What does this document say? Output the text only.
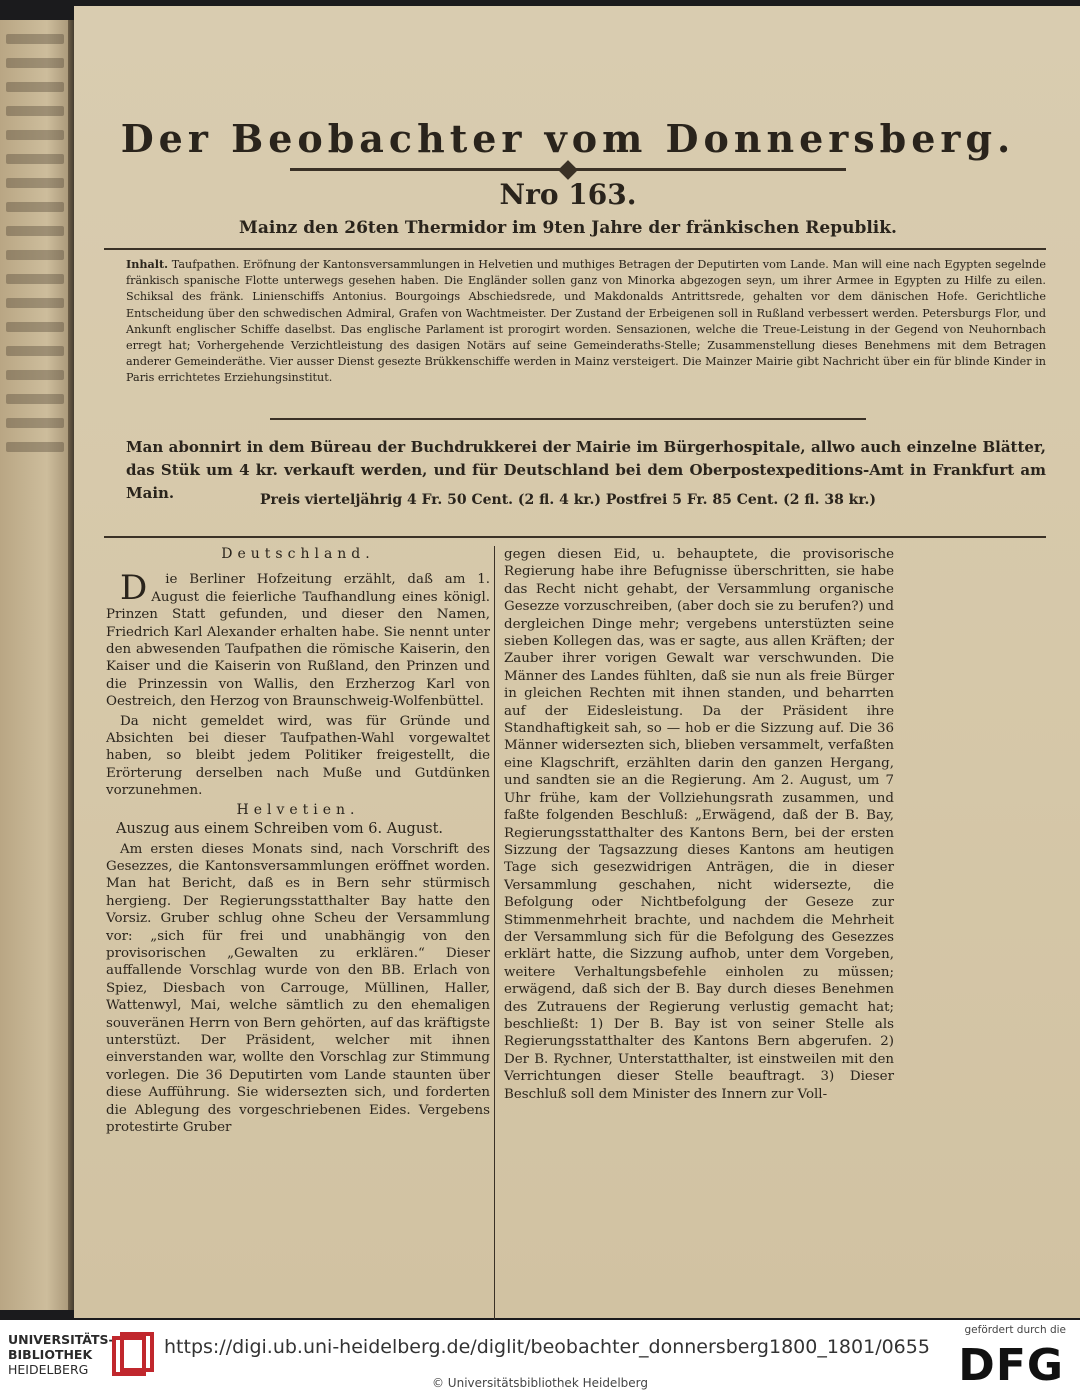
Der Beobachter vom Donnersberg.
Nro 163.
Mainz den 26ten Thermidor im 9ten Jahre der fränkischen Republik.
Inhalt. Taufpathen. Eröfnung der Kantonsversammlungen in Helvetien und muthiges Betragen der Deputirten vom Lande. Man will eine nach Egypten segelnde fränkisch spanische Flotte unterwegs gesehen haben. Die Engländer sollen ganz von Minorka abgezogen seyn, um ihrer Armee in Egypten zu Hilfe zu eilen. Schiksal des fränk. Linienschiffs Antonius. Bourgoings Abschiedsrede, und Makdonalds Antrittsrede, gehalten vor dem dänischen Hofe. Gerichtliche Entscheidung über den schwedischen Admiral, Grafen von Wachtmeister. Der Zustand der Erbeigenen soll in Rußland verbessert werden. Petersburgs Flor, und Ankunft englischer Schiffe daselbst. Das englische Parlament ist prorogirt worden. Sensazionen, welche die Treue-Leistung in der Gegend von Neuhornbach erregt hat; Vorhergehende Verzichtleistung des dasigen Notärs auf seine Gemeinderaths-Stelle; Zusammenstellung dieses Benehmens mit dem Betragen anderer Gemeinderäthe. Vier ausser Dienst gesezte Brükkenschiffe werden in Mainz versteigert. Die Mainzer Mairie gibt Nachricht über ein für blinde Kinder in Paris errichtetes Erziehungsinstitut.
Man abonnirt in dem Büreau der Buchdrukkerei der Mairie im Bürgerhospitale, allwo auch einzelne Blätter, das Stük um 4 kr. verkauft werden, und für Deutschland bei dem Oberpostexpeditions-Amt in Frankfurt am Main.	Preis vierteljährig 4 Fr. 50 Cent. (2 fl. 4 kr.) Postfrei 5 Fr. 85 Cent. (2 fl. 38 kr.)
Deutschland.

Die Berliner Hofzeitung erzählt, daß am 1. August die feierliche Taufhandlung eines königl. Prinzen Statt gefunden, und dieser den Namen, Friedrich Karl Alexander erhalten habe. Sie nennt unter den abwesenden Taufpathen die römische Kaiserin, den Kaiser und die Kaiserin von Rußland, den Prinzen und die Prinzessin von Wallis, den Erzherzog Karl von Oestreich, den Herzog von Braunschweig-Wolfenbüttel.

Da nicht gemeldet wird, was für Gründe und Absichten bei dieser Taufpathen-Wahl vorgewaltet haben, so bleibt jedem Politiker freigestellt, die Erörterung derselben nach Muße und Gutdünken vorzunehmen.

Helvetien.
Auszug aus einem Schreiben vom 6. August.

Am ersten dieses Monats sind, nach Vorschrift des Gesezzes, die Kantonsversammlungen eröffnet worden. Man hat Bericht, daß es in Bern sehr stürmisch hergieng. Der Regierungsstatthalter Bay hatte den Vorsiz. Gruber schlug ohne Scheu der Versammlung vor: „sich für frei und unabhängig von den provisorischen „Gewalten zu erklären.“ Dieser auffallende Vorschlag wurde von den BB. Erlach von Spiez, Diesbach von Carrouge, Müllinen, Haller, Wattenwyl, Mai, welche sämtlich zu den ehemaligen souveränen Herrn von Bern gehörten, auf das kräftigste unterstüzt. Der Präsident, welcher mit ihnen einverstanden war, wollte den Vorschlag zur Stimmung vorlegen. Die 36 Deputirten vom Lande staunten über diese Aufführung. Sie widersezten sich, und forderten die Ablegung des vorgeschriebenen Eides. Vergebens protestirte Gruber

gegen diesen Eid, u. behauptete, die provisorische Regierung habe ihre Befugnisse überschritten, sie habe das Recht nicht gehabt, der Versammlung organische Gesezze vorzuschreiben, (aber doch sie zu berufen?) und dergleichen Dinge mehr; vergebens unterstüzten seine sieben Kollegen das, was er sagte, aus allen Kräften; der Zauber ihrer vorigen Gewalt war verschwunden. Die Männer des Landes fühlten, daß sie nun als freie Bürger in gleichen Rechten mit ihnen standen, und beharrten auf der Eidesleistung. Da der Präsident ihre Standhaftigkeit sah, so — hob er die Sizzung auf. Die 36 Männer widersezten sich, blieben versammelt, verfaßten eine Klagschrift, erzählten darin den ganzen Hergang, und sandten sie an die Regierung. Am 2. August, um 7 Uhr frühe, kam der Vollziehungsrath zusammen, und faßte folgenden Beschluß: „Erwägend, daß der B. Bay, Regierungsstatthalter des Kantons Bern, bei der ersten Sizzung der Tagsazzung dieses Kantons am heutigen Tage sich gesezwidrigen Anträgen, die in dieser Versammlung geschahen, nicht widersezte, die Befolgung oder Nichtbefolgung der Geseze zur Stimmenmehrheit brachte, und nachdem die Mehrheit der Versammlung sich für die Befolgung des Gesezzes erklärt hatte, die Sizzung aufhob, unter dem Vorgeben, weitere Verhaltungsbefehle einholen zu müssen; erwägend, daß sich der B. Bay durch dieses Benehmen des Zutrauens der Regierung verlustig gemacht hat; beschließt: 1) Der B. Bay ist von seiner Stelle als Regierungsstatthalter des Kantons Bern abgerufen. 2) Der B. Rychner, Unterstatthalter, ist einstweilen mit den Verrichtungen dieser Stelle beauftragt. 3) Dieser Beschluß soll dem Minister des Innern zur Voll-

UNIVERSITÄTS-
BIBLIOTHEK
HEIDELBERG
https://digi.ub.uni-heidelberg.de/diglit/beobachter_donnersberg1800_1801/0655
© Universitätsbibliothek Heidelberg
gefördert durch die
DFG
